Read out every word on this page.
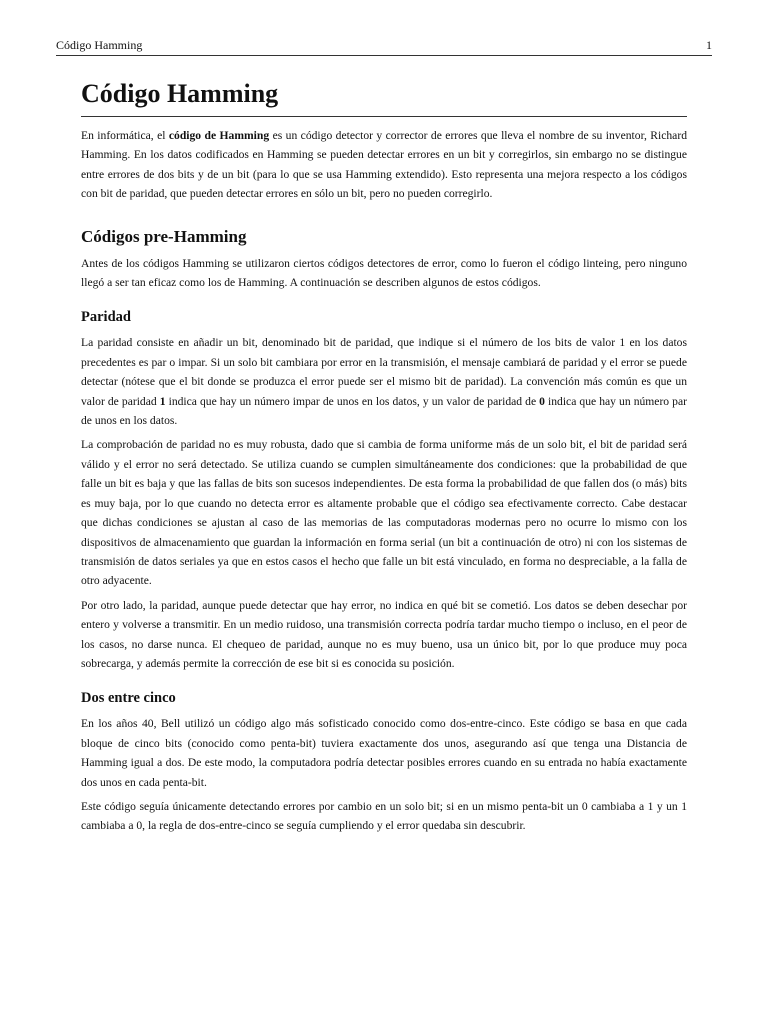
Código Hamming	1
Código Hamming

En informática, el código de Hamming es un código detector y corrector de errores que lleva el nombre de su inventor, Richard Hamming. En los datos codificados en Hamming se pueden detectar errores en un bit y corregirlos, sin embargo no se distingue entre errores de dos bits y de un bit (para lo que se usa Hamming extendido). Esto representa una mejora respecto a los códigos con bit de paridad, que pueden detectar errores en sólo un bit, pero no pueden corregirlo.

Códigos pre-Hamming

Antes de los códigos Hamming se utilizaron ciertos códigos detectores de error, como lo fueron el código linteing, pero ninguno llegó a ser tan eficaz como los de Hamming. A continuación se describen algunos de estos códigos.

Paridad

La paridad consiste en añadir un bit, denominado bit de paridad, que indique si el número de los bits de valor 1 en los datos precedentes es par o impar. Si un solo bit cambiara por error en la transmisión, el mensaje cambiará de paridad y el error se puede detectar (nótese que el bit donde se produzca el error puede ser el mismo bit de paridad). La convención más común es que un valor de paridad 1 indica que hay un número impar de unos en los datos, y un valor de paridad de 0 indica que hay un número par de unos en los datos.

La comprobación de paridad no es muy robusta, dado que si cambia de forma uniforme más de un solo bit, el bit de paridad será válido y el error no será detectado. Se utiliza cuando se cumplen simultáneamente dos condiciones: que la probabilidad de que falle un bit es baja y que las fallas de bits son sucesos independientes. De esta forma la probabilidad de que fallen dos (o más) bits es muy baja, por lo que cuando no detecta error es altamente probable que el código sea efectivamente correcto. Cabe destacar que dichas condiciones se ajustan al caso de las memorias de las computadoras modernas pero no ocurre lo mismo con los dispositivos de almacenamiento que guardan la información en forma serial (un bit a continuación de otro) ni con los sistemas de transmisión de datos seriales ya que en estos casos el hecho que falle un bit está vinculado, en forma no despreciable, a la falla de otro adyacente.

Por otro lado, la paridad, aunque puede detectar que hay error, no indica en qué bit se cometió. Los datos se deben desechar por entero y volverse a transmitir. En un medio ruidoso, una transmisión correcta podría tardar mucho tiempo o incluso, en el peor de los casos, no darse nunca. El chequeo de paridad, aunque no es muy bueno, usa un único bit, por lo que produce muy poca sobrecarga, y además permite la corrección de ese bit si es conocida su posición.

Dos entre cinco

En los años 40, Bell utilizó un código algo más sofisticado conocido como dos-entre-cinco. Este código se basa en que cada bloque de cinco bits (conocido como penta-bit) tuviera exactamente dos unos, asegurando así que tenga una Distancia de Hamming igual a dos. De este modo, la computadora podría detectar posibles errores cuando en su entrada no había exactamente dos unos en cada penta-bit.

Este código seguía únicamente detectando errores por cambio en un solo bit; si en un mismo penta-bit un 0 cambiaba a 1 y un 1 cambiaba a 0, la regla de dos-entre-cinco se seguía cumpliendo y el error quedaba sin descubrir.
